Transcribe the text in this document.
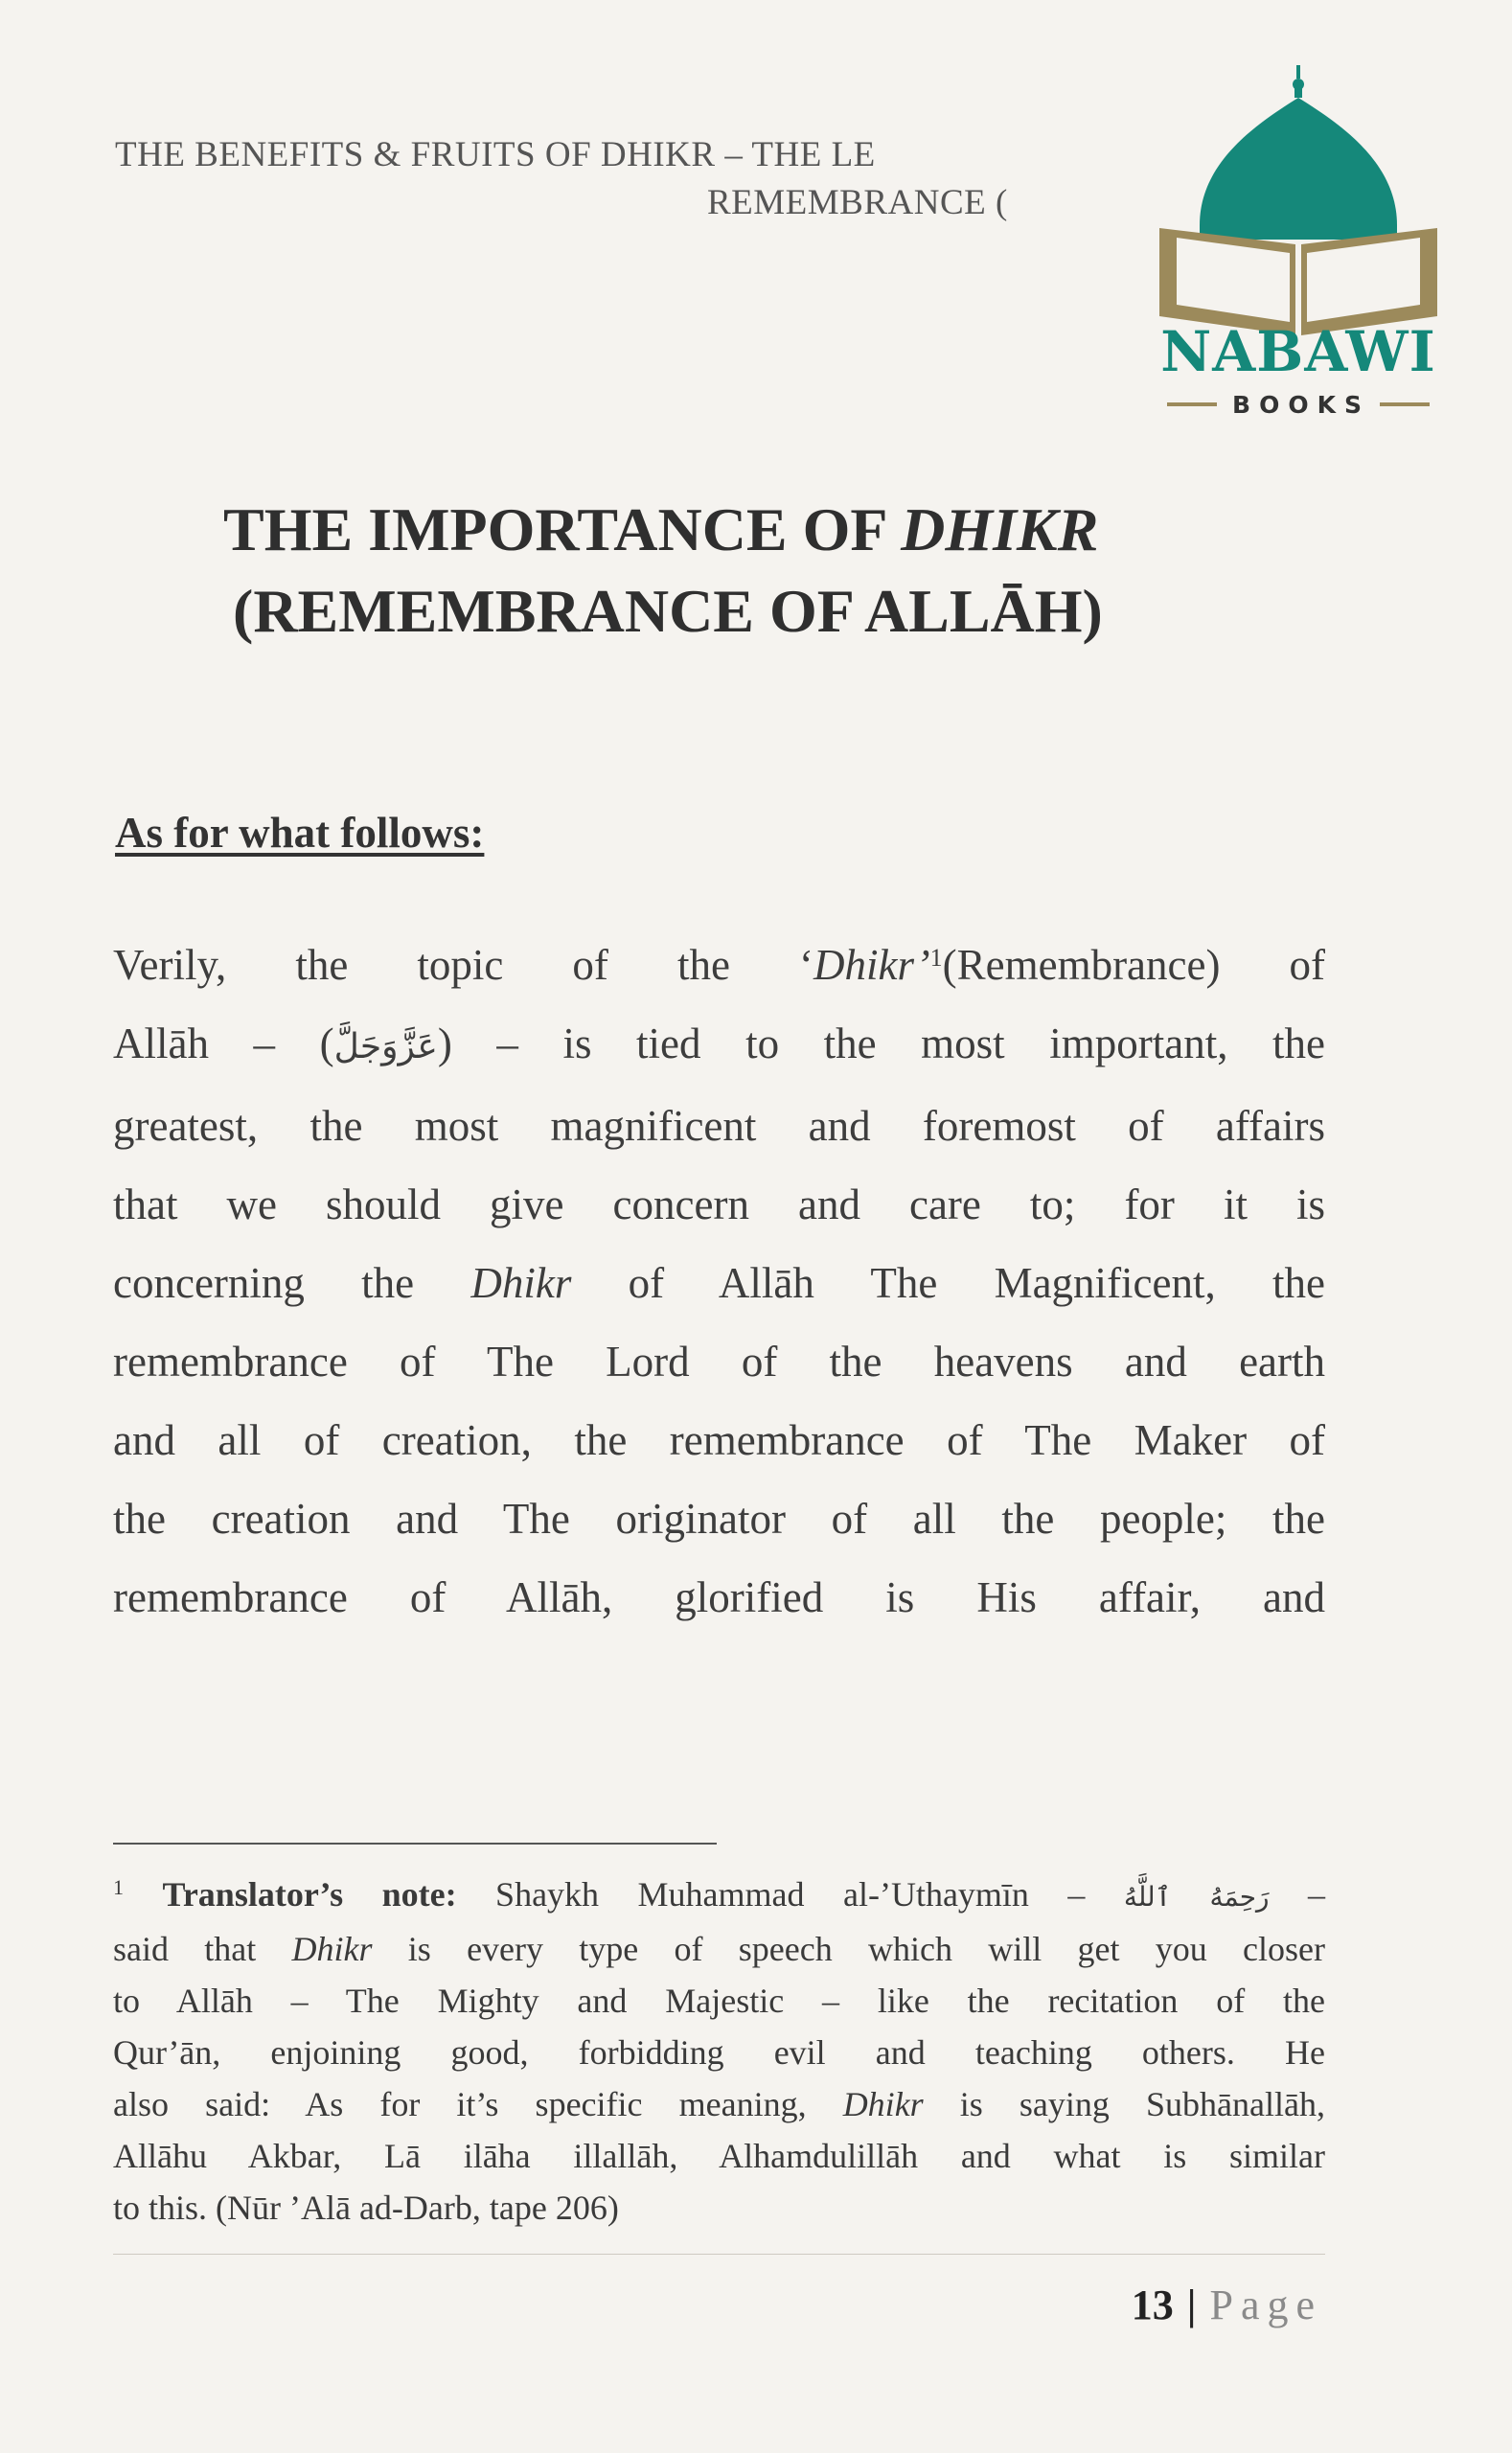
THE BENEFITS & FRUITS OF DHIKR – THE LE
REMEMBRANCE (
NABAWI
BOOKS
THE IMPORTANCE OF DHIKR
(REMEMBRANCE OF ALLĀH)
As for what follows:
Verily, the topic of the ‘Dhikr’$^1$(Remembrance) of
Allāh – (عَزَّوَجَلَّ) – is tied to the most important, the
greatest, the most magnificent and foremost of affairs
that we should give concern and care to; for it is
concerning the Dhikr of Allāh The Magnificent, the
remembrance of The Lord of the heavens and earth
and all of creation, the remembrance of The Maker of
the creation and The originator of all the people; the
remembrance of Allāh, glorified is His affair, and
$^1$ Translator’s note: Shaykh Muhammad al-’Uthaymīn – رَحِمَهُ ٱللَّهُ –
said that Dhikr is every type of speech which will get you closer
to Allāh – The Mighty and Majestic – like the recitation of the
Qur’ān, enjoining good, forbidding evil and teaching others. He
also said: As for it’s specific meaning, Dhikr is saying Subhānallāh,
Allāhu Akbar, Lā ilāha illallāh, Alhamdulillāh and what is similar
to this. (Nūr ’Alā ad-Darb, tape 206)
13 | Page
